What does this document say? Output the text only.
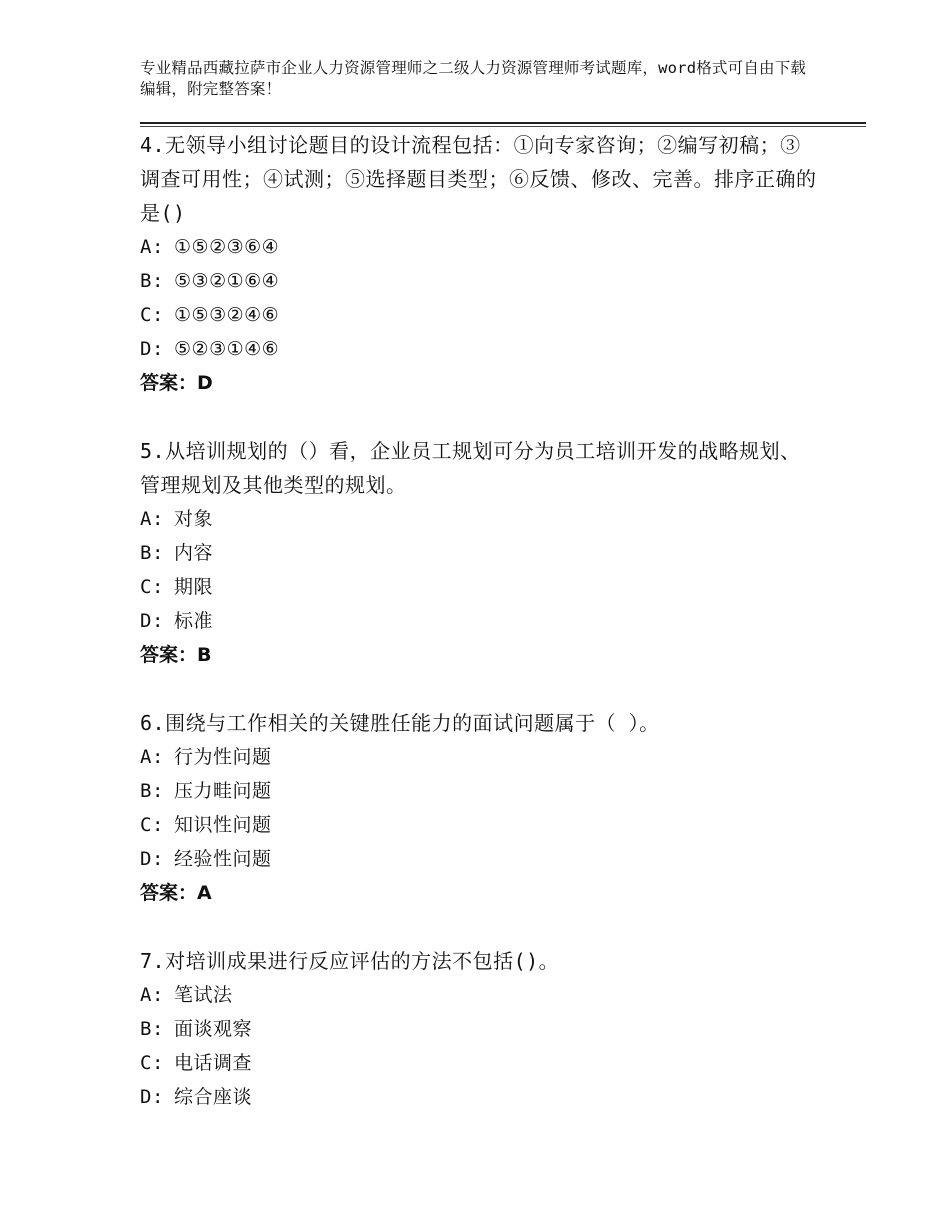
专业精品西藏拉萨市企业人力资源管理师之二级人力资源管理师考试题库，word格式可自由下载编辑，附完整答案！
4.无领导小组讨论题目的设计流程包括：①向专家咨询；②编写初稿；③调查可用性；④试测；⑤选择题目类型；⑥反馈、修改、完善。排序正确的是()
A: ①⑤②③⑥④
B: ⑤③②①⑥④
C: ①⑤③②④⑥
D: ⑤②③①④⑥
答案：D
5.从培训规划的（）看，企业员工规划可分为员工培训开发的战略规划、管理规划及其他类型的规划。
A: 对象
B: 内容
C: 期限
D: 标准
答案：B
6.围绕与工作相关的关键胜任能力的面试问题属于（ ）。
A: 行为性问题
B: 压力畦问题
C: 知识性问题
D: 经验性问题
答案：A
7.对培训成果进行反应评估的方法不包括()。
A: 笔试法
B: 面谈观察
C: 电话调查
D: 综合座谈
